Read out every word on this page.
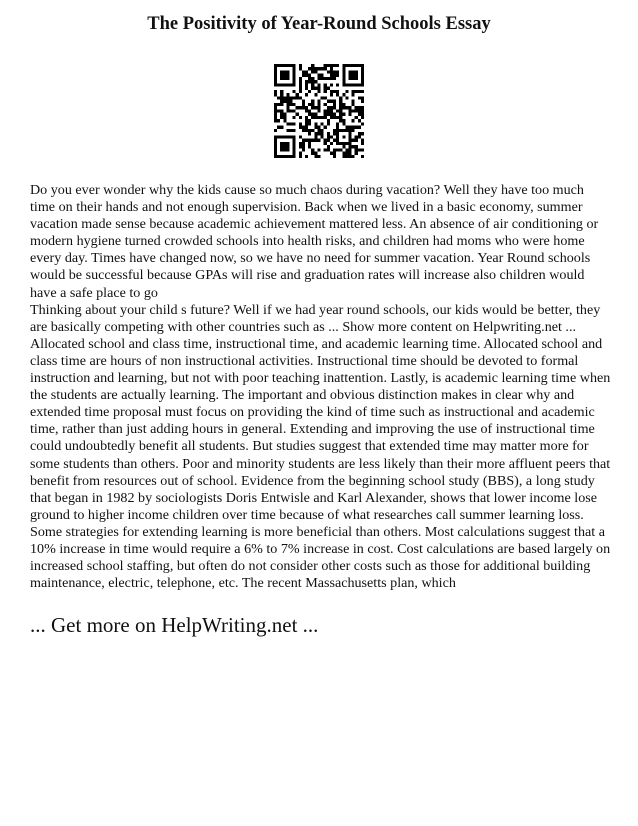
The Positivity of Year-Round Schools Essay

Do you ever wonder why the kids cause so much chaos during vacation? Well they have too much time on their hands and not enough supervision. Back when we lived in a basic economy, summer vacation made sense because academic achievement mattered less. An absence of air conditioning or modern hygiene turned crowded schools into health risks, and children had moms who were home every day. Times have changed now, so we have no need for summer vacation. Year Round schools would be successful because GPAs will rise and graduation rates will increase also children would have a safe place to go

Thinking about your child s future? Well if we had year round schools, our kids would be better, they are basically competing with other countries such as ... Show more content on Helpwriting.net ... Allocated school and class time, instructional time, and academic learning time. Allocated school and class time are hours of non instructional activities. Instructional time should be devoted to formal instruction and learning, but not with poor teaching inattention. Lastly, is academic learning time when the students are actually learning. The important and obvious distinction makes in clear why and extended time proposal must focus on providing the kind of time such as instructional and academic time, rather than just adding hours in general. Extending and improving the use of instructional time could undoubtedly benefit all students. But studies suggest that extended time may matter more for some students than others. Poor and minority students are less likely than their more affluent peers that benefit from resources out of school. Evidence from the beginning school study (BBS), a long study that began in 1982 by sociologists Doris Entwisle and Karl Alexander, shows that lower income lose ground to higher income children over time because of what researches call summer learning loss.

Some strategies for extending learning is more beneficial than others. Most calculations suggest that a 10% increase in time would require a 6% to 7% increase in cost. Cost calculations are based largely on increased school staffing, but often do not consider other costs such as those for additional building maintenance, electric, telephone, etc. The recent Massachusetts plan, which

... Get more on HelpWriting.net ...
